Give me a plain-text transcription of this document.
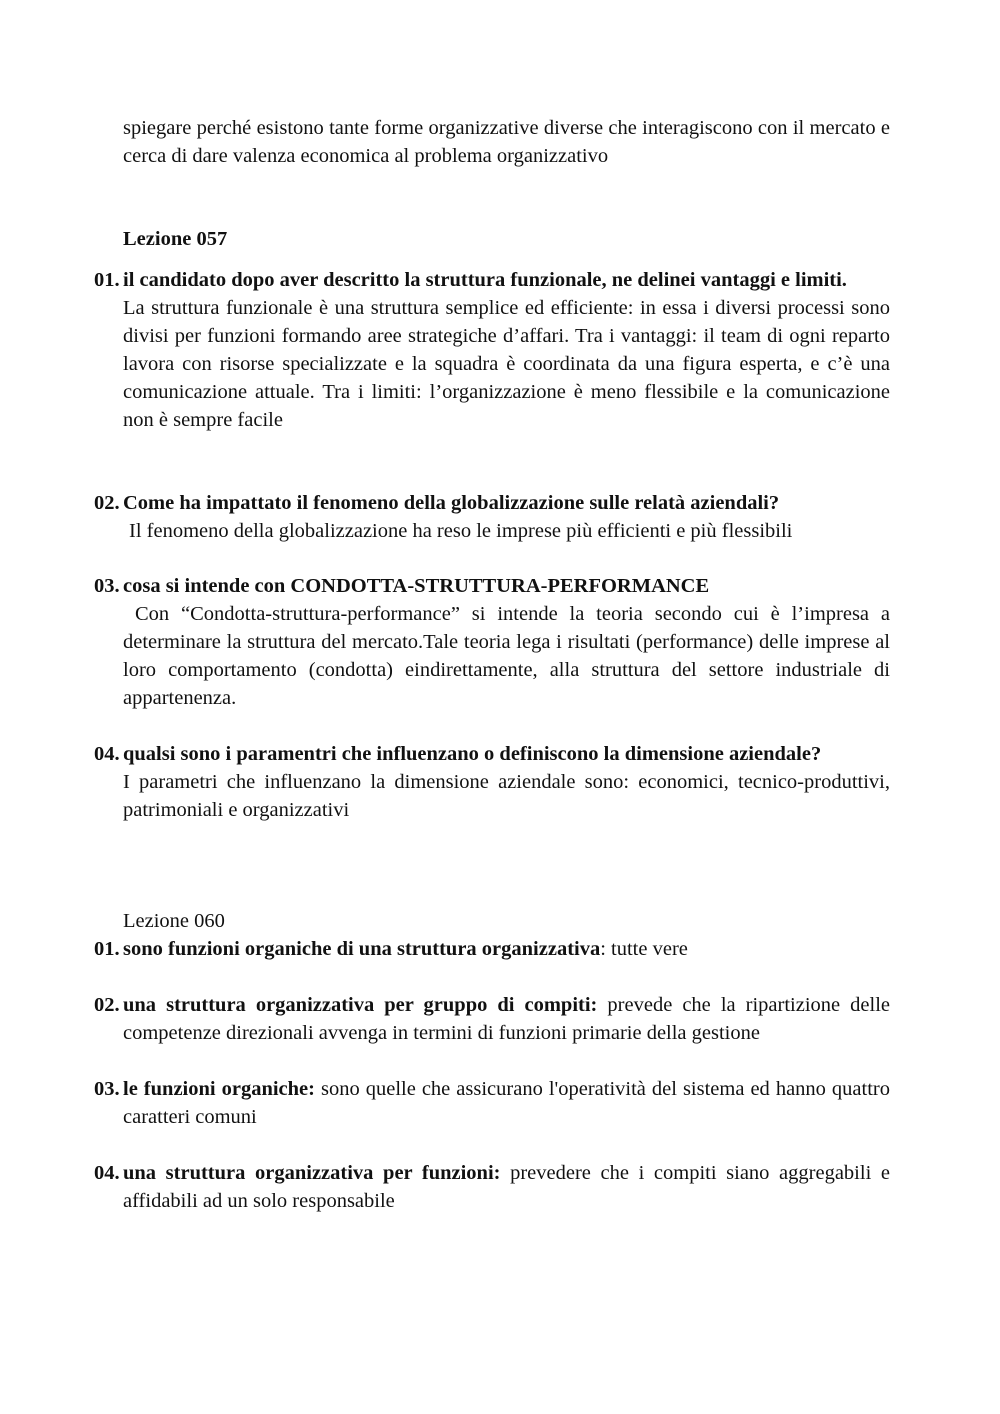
spiegare perché esistono tante forme organizzative diverse che interagiscono con il mercato e cerca di dare valenza economica al problema organizzativo
Lezione 057
01. il candidato dopo aver descritto la struttura funzionale, ne delinei vantaggi e limiti.
La struttura funzionale è una struttura semplice ed efficiente: in essa i diversi processi sono divisi per funzioni formando aree strategiche d’affari. Tra i vantaggi: il team di ogni reparto lavora con risorse specializzate e la squadra è coordinata da una figura esperta, e c’è una comunicazione attuale. Tra i limiti: l’organizzazione è meno flessibile e la comunicazione non è sempre facile
02. Come ha impattato il fenomeno della globalizzazione sulle relatà aziendali?
Il fenomeno della globalizzazione ha reso le imprese più efficienti e più flessibili
03. cosa si intende con CONDOTTA-STRUTTURA-PERFORMANCE
Con “Condotta-struttura-performance” si intende la teoria secondo cui è l’impresa a determinare la struttura del mercato.Tale teoria lega i risultati (performance) delle imprese al loro comportamento (condotta) eindirettamente, alla struttura del settore industriale di appartenenza.
04. qualsi sono i paramentri che influenzano o definiscono la dimensione aziendale?
I parametri che influenzano la dimensione aziendale sono: economici, tecnico-produttivi, patrimoniali e organizzativi
Lezione 060
01. sono funzioni organiche di una struttura organizzativa: tutte vere
02. una struttura organizzativa per gruppo di compiti: prevede che la ripartizione delle competenze direzionali avvenga in termini di funzioni primarie della gestione
03. le funzioni organiche: sono quelle che assicurano l'operatività del sistema ed hanno quattro caratteri comuni
04. una struttura organizzativa per funzioni: prevedere che i compiti siano aggregabili e affidabili ad un solo responsabile
